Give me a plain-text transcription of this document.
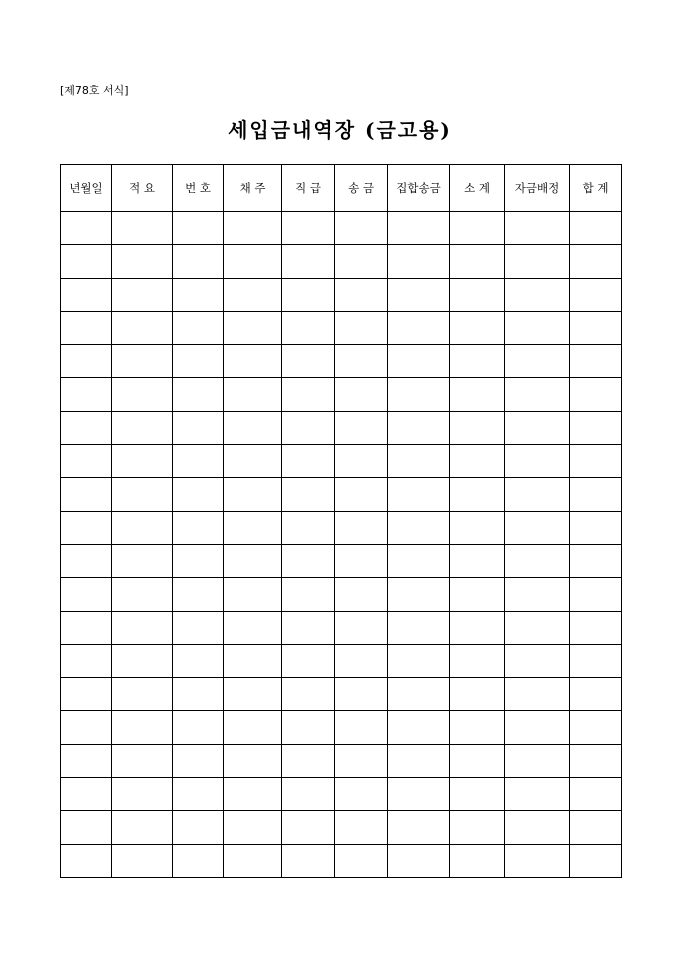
[제78호 서식]
세입금내역장 (금고용)
년월일	적 요	번 호	채 주	직 급	송 금	집합송금	소 계	자금배정	합 계
